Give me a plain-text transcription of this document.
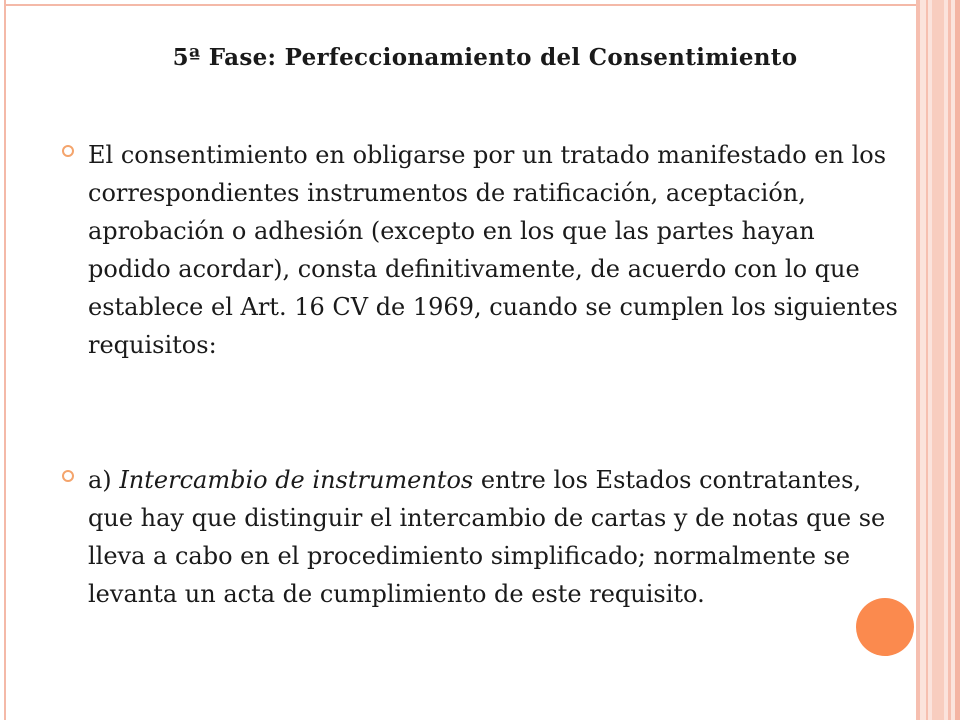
5ª Fase: Perfeccionamiento del Consentimiento
El consentimiento en obligarse por un tratado manifestado en los correspondientes instrumentos de ratificación, aceptación, aprobación o adhesión (excepto en los que las partes hayan podido acordar), consta definitivamente, de acuerdo con lo que establece el Art. 16 CV de 1969, cuando se cumplen los siguientes requisitos:
a) Intercambio de instrumentos entre los Estados contratantes, que hay que distinguir el intercambio de cartas y de notas que se lleva a cabo en el procedimiento simplificado; normalmente se levanta un acta de cumplimiento de este requisito.
